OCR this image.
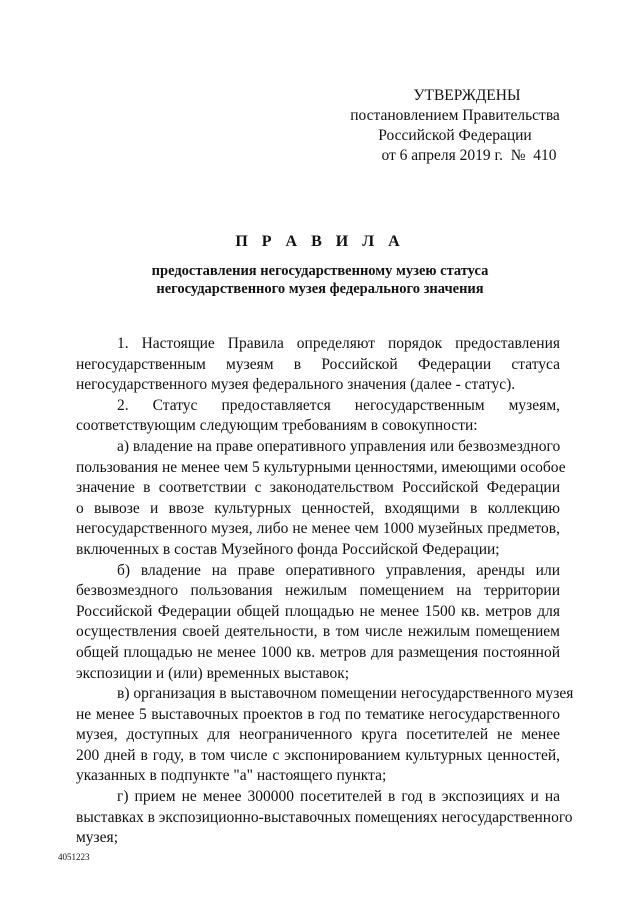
УТВЕРЖДЕНЫ
постановлением Правительства
Российской Федерации
от 6 апреля 2019 г.  №  410
П Р А В И Л А
предоставления негосударственному музею статуса
негосударственного музея федерального значения
1. Настоящие Правила определяют порядок предоставления
негосударственным музеям в Российской Федерации статуса
негосударственного музея федерального значения (далее - статус).
2. Статус предоставляется негосударственным музеям,
соответствующим следующим требованиям в совокупности:
а) владение на праве оперативного управления или безвозмездного
пользования не менее чем 5 культурными ценностями, имеющими особое
значение в соответствии с законодательством Российской Федерации
о вывозе и ввозе культурных ценностей, входящими в коллекцию
негосударственного музея, либо не менее чем 1000 музейных предметов,
включенных в состав Музейного фонда Российской Федерации;
б) владение на праве оперативного управления, аренды или
безвозмездного пользования нежилым помещением на территории
Российской Федерации общей площадью не менее 1500 кв. метров для
осуществления своей деятельности, в том числе нежилым помещением
общей площадью не менее 1000 кв. метров для размещения постоянной
экспозиции и (или) временных выставок;
в) организация в выставочном помещении негосударственного музея
не менее 5 выставочных проектов в год по тематике негосударственного
музея, доступных для неограниченного круга посетителей не менее
200 дней в году, в том числе с экспонированием культурных ценностей,
указанных в подпункте "а" настоящего пункта;
г) прием не менее 300000 посетителей в год в экспозициях и на
выставках в экспозиционно-выставочных помещениях негосударственного
музея;
4051223
